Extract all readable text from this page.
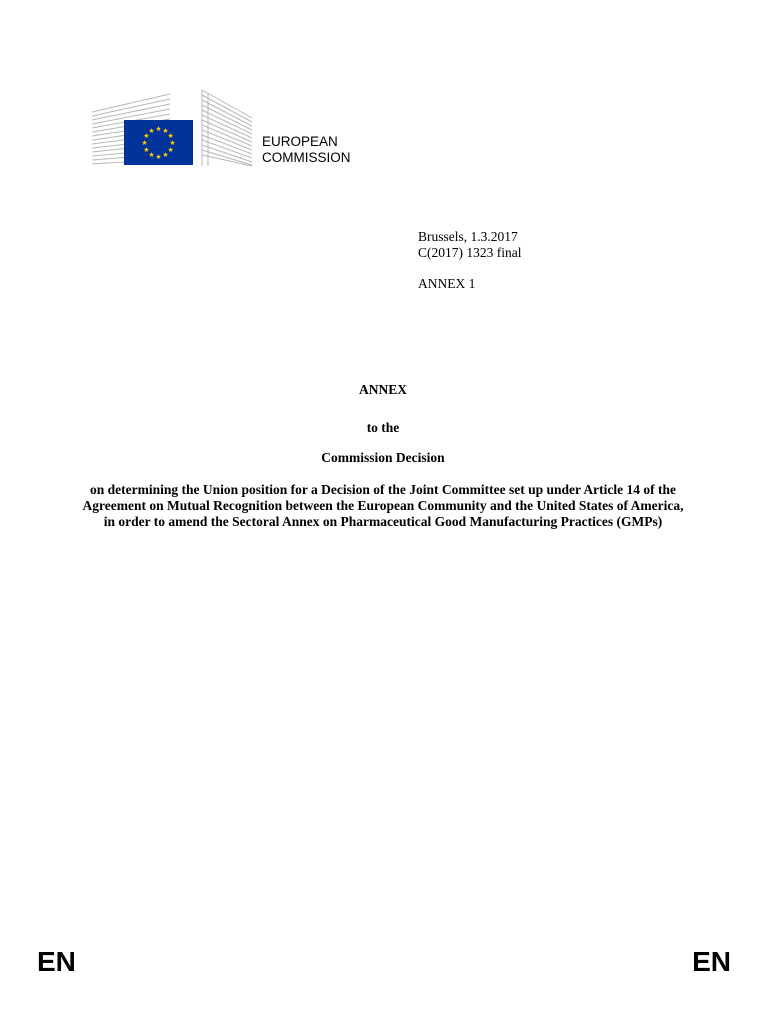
★ ★
★
★
★
★
★
★
★
★
★
★
EUROPEAN
COMMISSION
Brussels, 1.3.2017
C(2017) 1323 final
ANNEX 1
ANNEX
to the
Commission Decision
on determining the Union position for a Decision of the Joint Committee set up under Article 14 of the Agreement on Mutual Recognition between the European Community and the United States of America, in order to amend the Sectoral Annex on Pharmaceutical Good Manufacturing Practices (GMPs)
EN	EN
